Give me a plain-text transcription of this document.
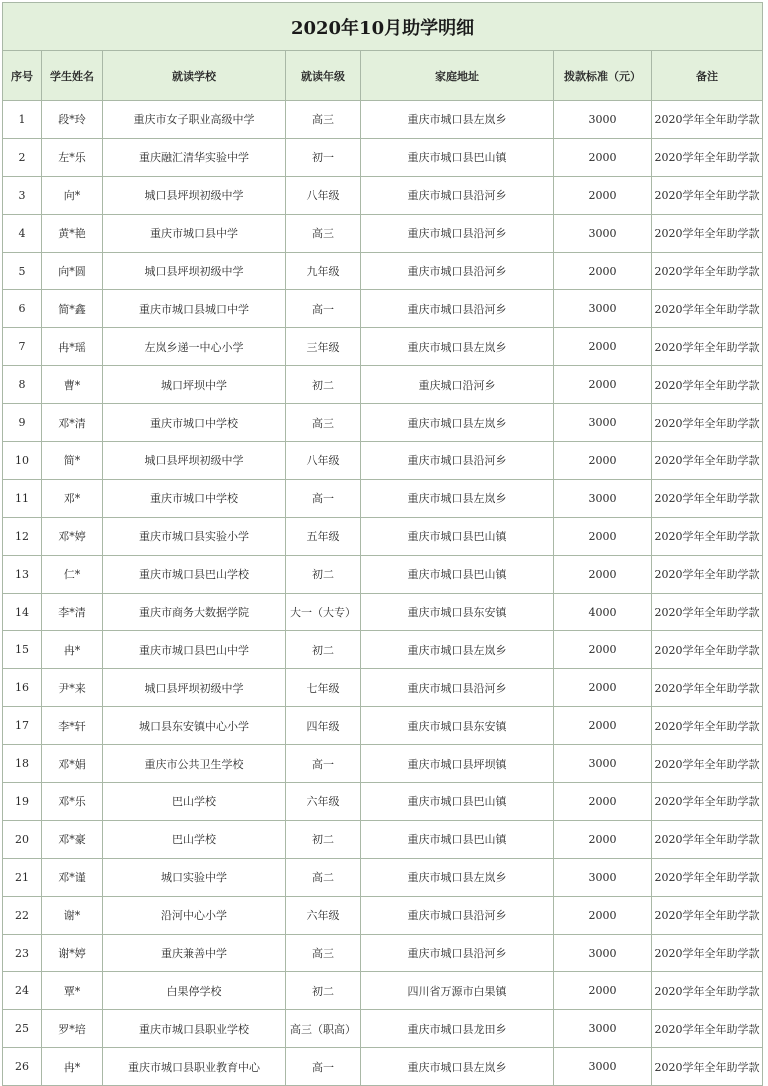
2020年10月助学明细						
序号	学生姓名	就读学校	就读年级	家庭地址	拨款标准（元）	备注
1	段*玲	重庆市女子职业高级中学	高三	重庆市城口县左岚乡	3000	2020学年全年助学款
2	左*乐	重庆融汇清华实验中学	初一	重庆市城口县巴山镇	2000	2020学年全年助学款
3	向*	城口县坪坝初级中学	八年级	重庆市城口县沿河乡	2000	2020学年全年助学款
4	黄*艳	重庆市城口县中学	高三	重庆市城口县沿河乡	3000	2020学年全年助学款
5	向*圆	城口县坪坝初级中学	九年级	重庆市城口县沿河乡	2000	2020学年全年助学款
6	简*鑫	重庆市城口县城口中学	高一	重庆市城口县沿河乡	3000	2020学年全年助学款
7	冉*瑶	左岚乡递一中心小学	三年级	重庆市城口县左岚乡	2000	2020学年全年助学款
8	曹*	城口坪坝中学	初二	重庆城口沿河乡	2000	2020学年全年助学款
9	邓*清	重庆市城口中学校	高三	重庆市城口县左岚乡	3000	2020学年全年助学款
10	简*	城口县坪坝初级中学	八年级	重庆市城口县沿河乡	2000	2020学年全年助学款
11	邓*	重庆市城口中学校	高一	重庆市城口县左岚乡	3000	2020学年全年助学款
12	邓*婷	重庆市城口县实验小学	五年级	重庆市城口县巴山镇	2000	2020学年全年助学款
13	仁*	重庆市城口县巴山学校	初二	重庆市城口县巴山镇	2000	2020学年全年助学款
14	李*清	重庆市商务大数据学院	大一（大专）	重庆市城口县东安镇	4000	2020学年全年助学款
15	冉*	重庆市城口县巴山中学	初二	重庆市城口县左岚乡	2000	2020学年全年助学款
16	尹*来	城口县坪坝初级中学	七年级	重庆市城口县沿河乡	2000	2020学年全年助学款
17	李*轩	城口县东安镇中心小学	四年级	重庆市城口县东安镇	2000	2020学年全年助学款
18	邓*娟	重庆市公共卫生学校	高一	重庆市城口县坪坝镇	3000	2020学年全年助学款
19	邓*乐	巴山学校	六年级	重庆市城口县巴山镇	2000	2020学年全年助学款
20	邓*豪	巴山学校	初二	重庆市城口县巴山镇	2000	2020学年全年助学款
21	邓*谨	城口实验中学	高二	重庆市城口县左岚乡	3000	2020学年全年助学款
22	谢*	沿河中心小学	六年级	重庆市城口县沿河乡	2000	2020学年全年助学款
23	谢*婷	重庆兼善中学	高三	重庆市城口县沿河乡	3000	2020学年全年助学款
24	覃*	白果停学校	初二	四川省万源市白果镇	2000	2020学年全年助学款
25	罗*培	重庆市城口县职业学校	高三（职高）	重庆市城口县龙田乡	3000	2020学年全年助学款
26	冉*	重庆市城口县职业教育中心	高一	重庆市城口县左岚乡	3000	2020学年全年助学款
